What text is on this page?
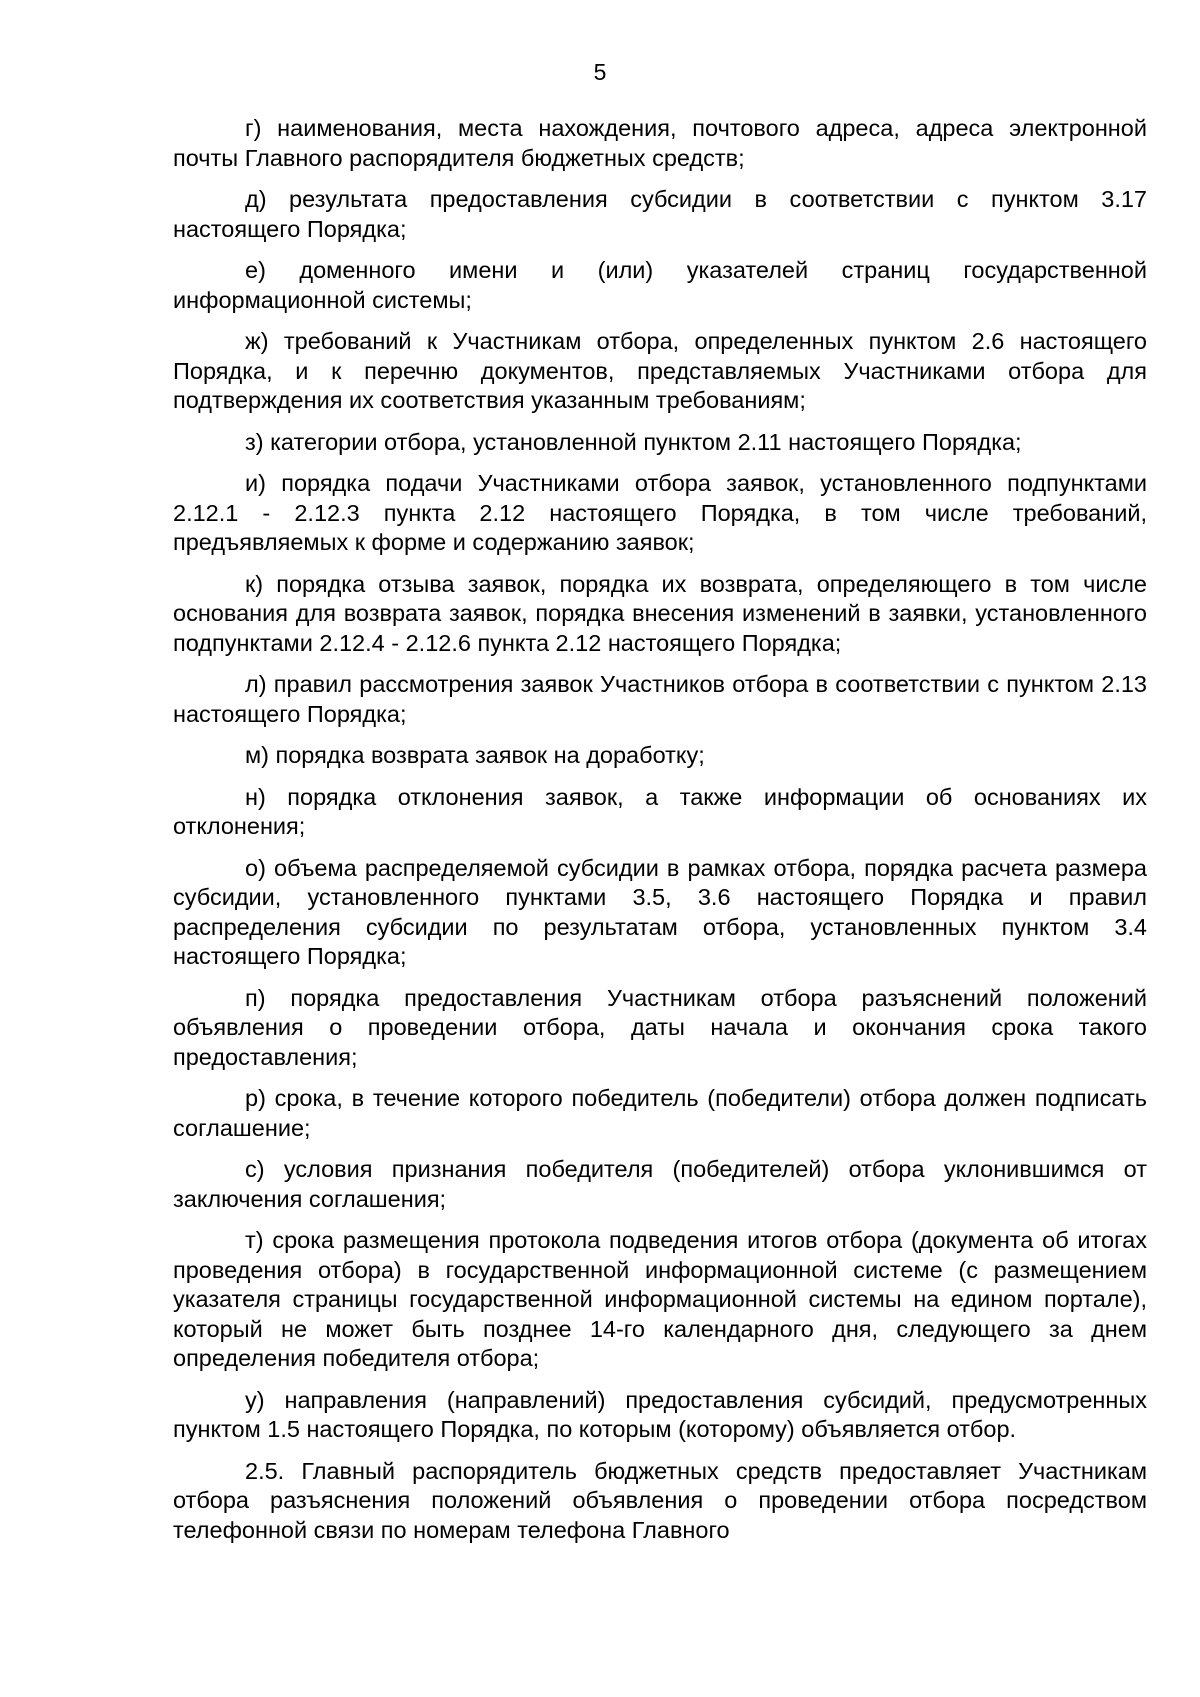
5

г) наименования, места нахождения, почтового адреса, адреса электронной почты Главного распорядителя бюджетных средств;

д) результата предоставления субсидии в соответствии с пунктом 3.17 настоящего Порядка;

е) доменного имени и (или) указателей страниц государственной информационной системы;

ж) требований к Участникам отбора, определенных пунктом 2.6 настоящего Порядка, и к перечню документов, представляемых Участниками отбора для подтверждения их соответствия указанным требованиям;

з) категории отбора, установленной пунктом 2.11 настоящего Порядка;

и) порядка подачи Участниками отбора заявок, установленного подпунктами 2.12.1 - 2.12.3 пункта 2.12 настоящего Порядка, в том числе требований, предъявляемых к форме и содержанию заявок;

к) порядка отзыва заявок, порядка их возврата, определяющего в том числе основания для возврата заявок, порядка внесения изменений в заявки, установленного подпунктами 2.12.4 - 2.12.6 пункта 2.12 настоящего Порядка;

л) правил рассмотрения заявок Участников отбора в соответствии с пунктом 2.13 настоящего Порядка;

м) порядка возврата заявок на доработку;

н) порядка отклонения заявок, а также информации об основаниях их отклонения;

о) объема распределяемой субсидии в рамках отбора, порядка расчета размера субсидии, установленного пунктами 3.5, 3.6 настоящего Порядка и правил распределения субсидии по результатам отбора, установленных пунктом 3.4 настоящего Порядка;

п) порядка предоставления Участникам отбора разъяснений положений объявления о проведении отбора, даты начала и окончания срока такого предоставления;

р) срока, в течение которого победитель (победители) отбора должен подписать соглашение;

с) условия признания победителя (победителей) отбора уклонившимся от заключения соглашения;

т) срока размещения протокола подведения итогов отбора (документа об итогах проведения отбора) в государственной информационной системе (с размещением указателя страницы государственной информационной системы на едином портале), который не может быть позднее 14-го календарного дня, следующего за днем определения победителя отбора;

у) направления (направлений) предоставления субсидий, предусмотренных пунктом 1.5 настоящего Порядка, по которым (которому) объявляется отбор.

2.5. Главный распорядитель бюджетных средств предоставляет Участникам отбора разъяснения положений объявления о проведении отбора посредством телефонной связи по номерам телефона Главного
